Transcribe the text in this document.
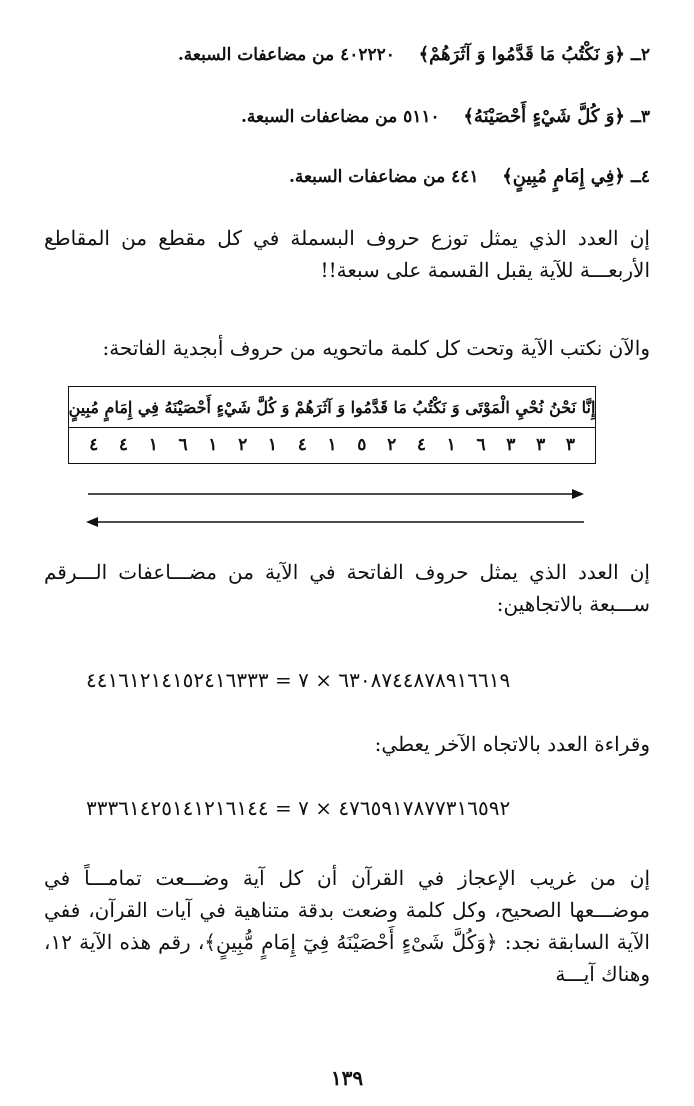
٢ــ ﴿وَ نَكْتُبُ مَا قَدَّمُوا وَ آثَرَهُمْ﴾    ٤٠٢٢٢٠ من مضاعفات السبعة.
٣ــ ﴿وَ كُلَّ شَيْءٍ أَحْصَيْنَهُ﴾    ٥١١٠ من مضاعفات السبعة.
٤ــ ﴿فِي إِمَامٍ مُبِينٍ﴾    ٤٤١ من مضاعفات السبعة.
إن العدد الذي يمثل توزع حروف البسملة في كل مقطع من المقاطع الأربعـــة للآية يقبل القسمة على سبعة!!
والآن نكتب الآية وتحت كل كلمة ماتحويه من حروف أبجدية الفاتحة:
إِنَّا نَحْنُ نُحْيِ الْمَوْتَى وَ نَكْتُبُ مَا قَدَّمُوا وَ آثَرَهُمْ وَ كُلَّ شَيْءٍ أَحْصَيْنَهُ فِي إِمَامٍ مُبِينٍ
٣
٣
٣
٦
١
٤
٢
٥
١
٤
١
٢
١
٦
١
٤
٤
إن العدد الذي يمثل حروف الفاتحة في الآية من مضـــاعفات الـــرقم ســـبعة بالاتجاهين:
٦٣٠٨٧٤٤٨٧٨٩١٦٦١٩ × ٧ = ٤٤١٦١٢١٤١٥٢٤١٦٣٣٣
وقراءة العدد بالاتجاه الآخر يعطي:
٤٧٦٥٩١٧٨٧٧٣١٦٥٩٢ × ٧ = ٣٣٣٦١٤٢٥١٤١٢١٦١٤٤
إن من غريب الإعجاز في القرآن أن كل آية وضـــعت تمامـــاً في موضـــعها الصحيح، وكل كلمة وضعت بدقة متناهية في آيات القرآن، ففي الآية السابقة نجد: ﴿وَكُلَّ شَىْءٍ أَحْصَيْنَهُ فِيٓ إِمَامٍ مُّبِينٍ﴾، رقم هذه الآية ١٢، وهناك آيـــة
١٣٩
